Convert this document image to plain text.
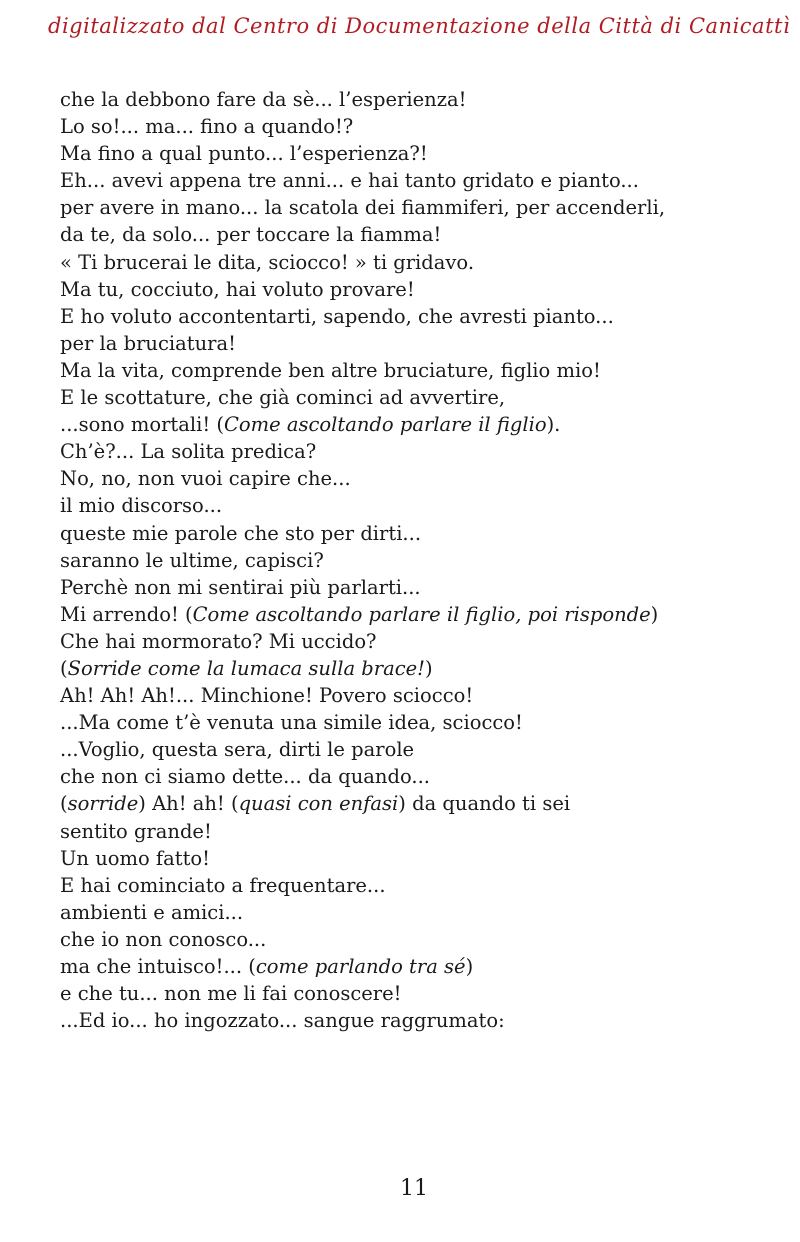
digitalizzato dal Centro di Documentazione della Città di Canicattì
che la debbono fare da sè... l’esperienza!
Lo so!... ma... fino a quando!?
Ma fino a qual punto... l’esperienza?!
Eh... avevi appena tre anni... e hai tanto gridato e pianto...
per avere in mano... la scatola dei fiammiferi, per accenderli,
da te, da solo... per toccare la fiamma!
« Ti brucerai le dita, sciocco! » ti gridavo.
Ma tu, cocciuto, hai voluto provare!
E ho voluto accontentarti, sapendo, che avresti pianto...
per la bruciatura!
Ma la vita, comprende ben altre bruciature, figlio mio!
E le scottature, che già cominci ad avvertire,
...sono mortali! (Come ascoltando parlare il figlio).
Ch’è?... La solita predica?
No, no, non vuoi capire che...
il mio discorso...
queste mie parole che sto per dirti...
saranno le ultime, capisci?
Perchè non mi sentirai più parlarti...
Mi arrendo! (Come ascoltando parlare il figlio, poi risponde)
Che hai mormorato? Mi uccido?
(Sorride come la lumaca sulla brace!)
Ah! Ah! Ah!... Minchione! Povero sciocco!
...Ma come t’è venuta una simile idea, sciocco!
...Voglio, questa sera, dirti le parole
che non ci siamo dette... da quando...
(sorride) Ah! ah! (quasi con enfasi) da quando ti sei
sentito grande!
Un uomo fatto!
E hai cominciato a frequentare...
ambienti e amici...
che io non conosco...
ma che intuisco!... (come parlando tra sé)
e che tu... non me li fai conoscere!
...Ed io... ho ingozzato... sangue raggrumato:
11
